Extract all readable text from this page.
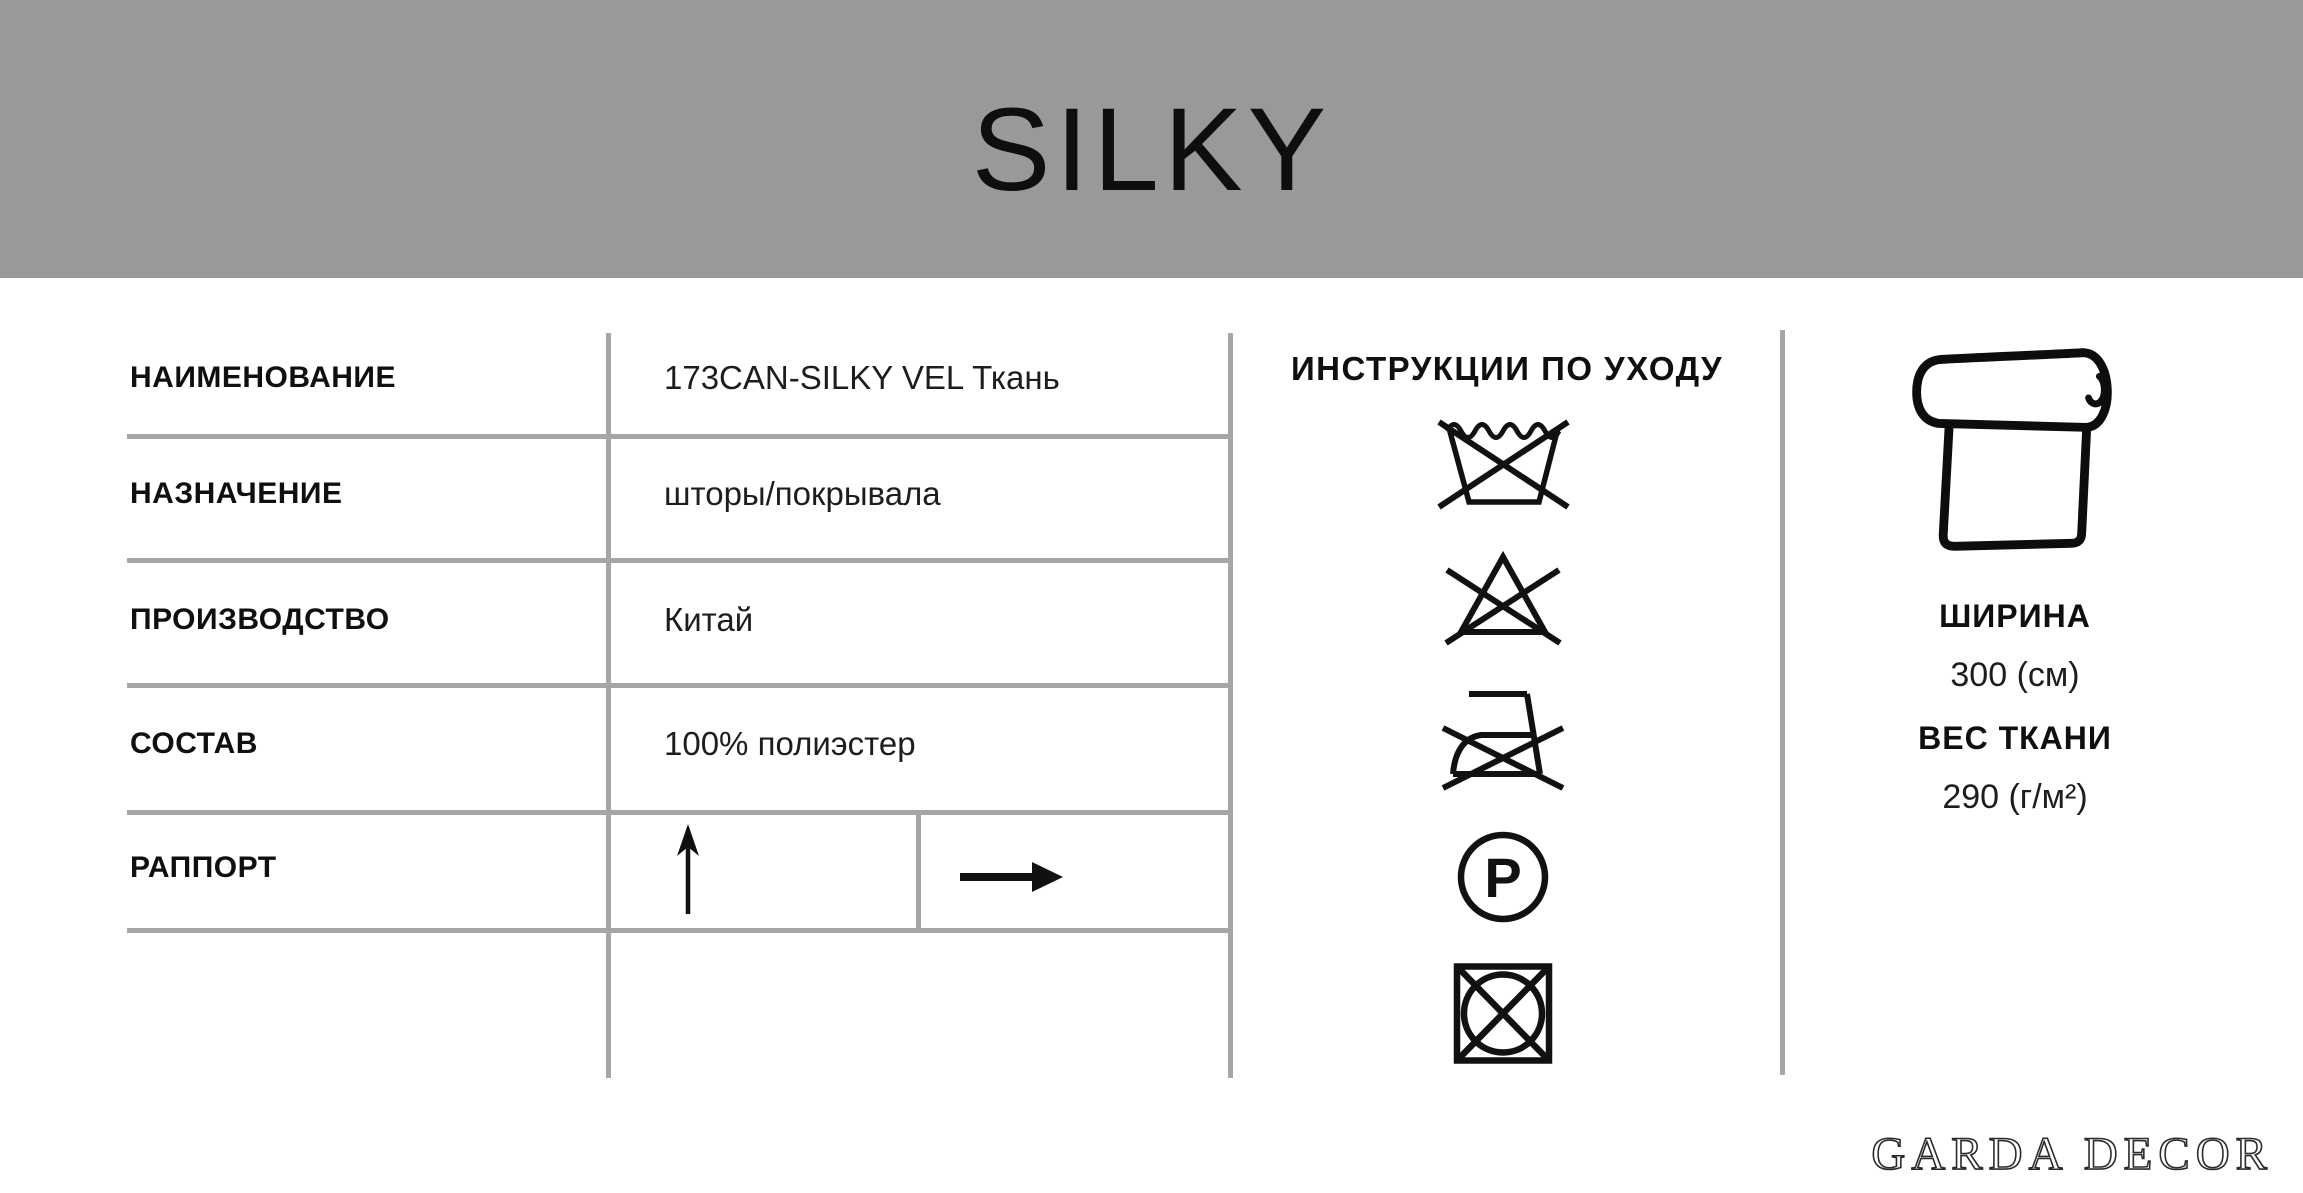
SILKY
НАИМЕНОВАНИЕ	173CAN-SILKY VEL Ткань
НАЗНАЧЕНИЕ	шторы/покрывала
ПРОИЗВОДСТВО	Китай
СОСТАВ	100% полиэстер
РАППОРТ
ИНСТРУКЦИИ ПО УХОДУ
P

ШИРИНА

300 (см)

ВЕС ТКАНИ

290 (г/м²)

GARDA DECOR
